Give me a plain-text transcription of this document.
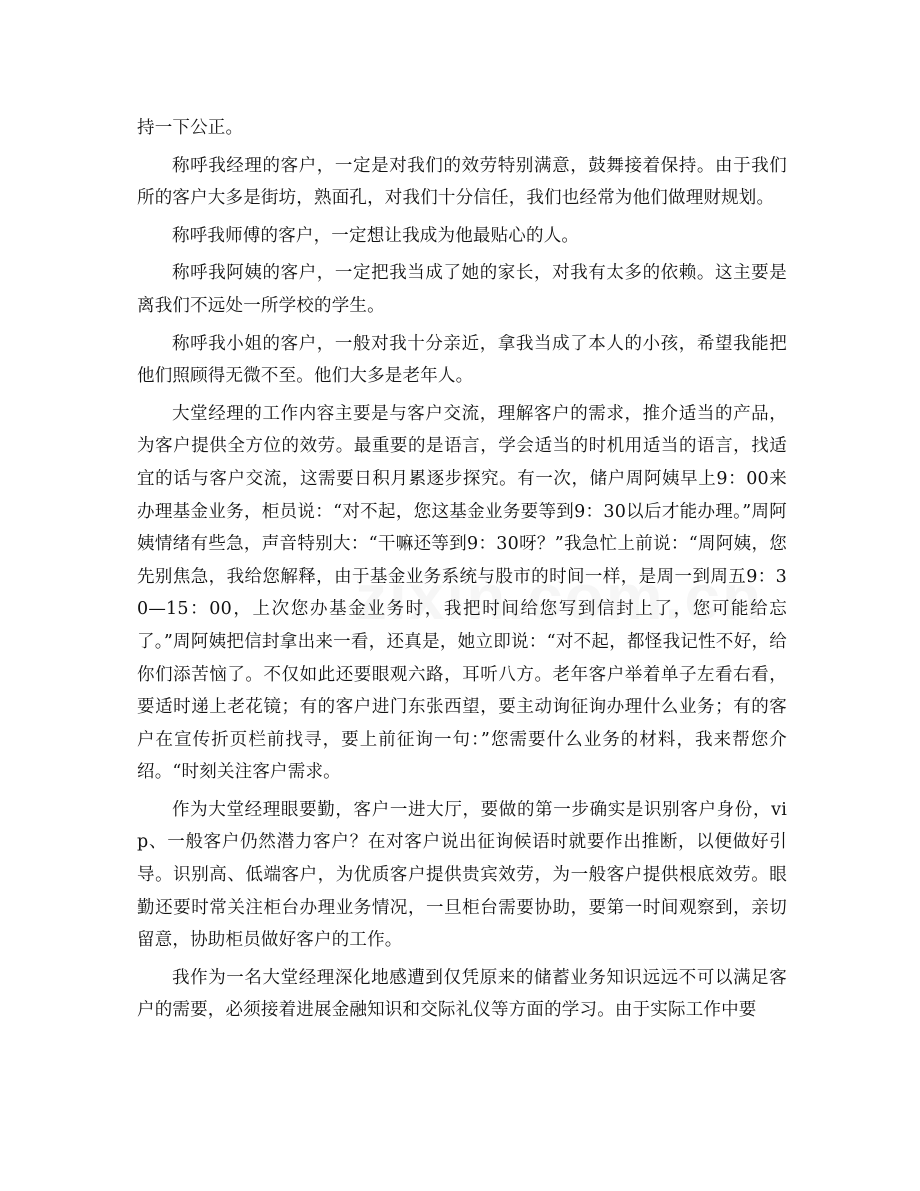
持一下公正。

称呼我经理的客户，一定是对我们的效劳特别满意，鼓舞接着保持。由于我们所的客户大多是街坊，熟面孔，对我们十分信任，我们也经常为他们做理财规划。

称呼我师傅的客户，一定想让我成为他最贴心的人。

称呼我阿姨的客户，一定把我当成了她的家长，对我有太多的依赖。这主要是离我们不远处一所学校的学生。

称呼我小姐的客户，一般对我十分亲近，拿我当成了本人的小孩，希望我能把他们照顾得无微不至。他们大多是老年人。

大堂经理的工作内容主要是与客户交流，理解客户的需求，推介适当的产品，为客户提供全方位的效劳。最重要的是语言，学会适当的时机用适当的语言，找适宜的话与客户交流，这需要日积月累逐步探究。有一次，储户周阿姨早上9：00来办理基金业务，柜员说：“对不起，您这基金业务要等到9：30以后才能办理。”周阿姨情绪有些急，声音特别大：“干嘛还等到9：30呀？”我急忙上前说：“周阿姨，您先别焦急，我给您解释，由于基金业务系统与股市的时间一样，是周一到周五9：30—15：00，上次您办基金业务时，我把时间给您写到信封上了，您可能给忘了。”周阿姨把信封拿出来一看，还真是，她立即说：“对不起，都怪我记性不好，给你们添苦恼了。不仅如此还要眼观六路，耳听八方。老年客户举着单子左看右看，要适时递上老花镜；有的客户进门东张西望，要主动询征询办理什么业务；有的客户在宣传折页栏前找寻，要上前征询一句：”您需要什么业务的材料，我来帮您介绍。“时刻关注客户需求。

作为大堂经理眼要勤，客户一进大厅，要做的第一步确实是识别客户身份，vip、一般客户仍然潜力客户？在对客户说出征询候语时就要作出推断，以便做好引导。识别高、低端客户，为优质客户提供贵宾效劳，为一般客户提供根底效劳。眼勤还要时常关注柜台办理业务情况，一旦柜台需要协助，要第一时间观察到，亲切留意，协助柜员做好客户的工作。

我作为一名大堂经理深化地感遭到仅凭原来的储蓄业务知识远远不可以满足客户的需要，必须接着进展金融知识和交际礼仪等方面的学习。由于实际工作中要
